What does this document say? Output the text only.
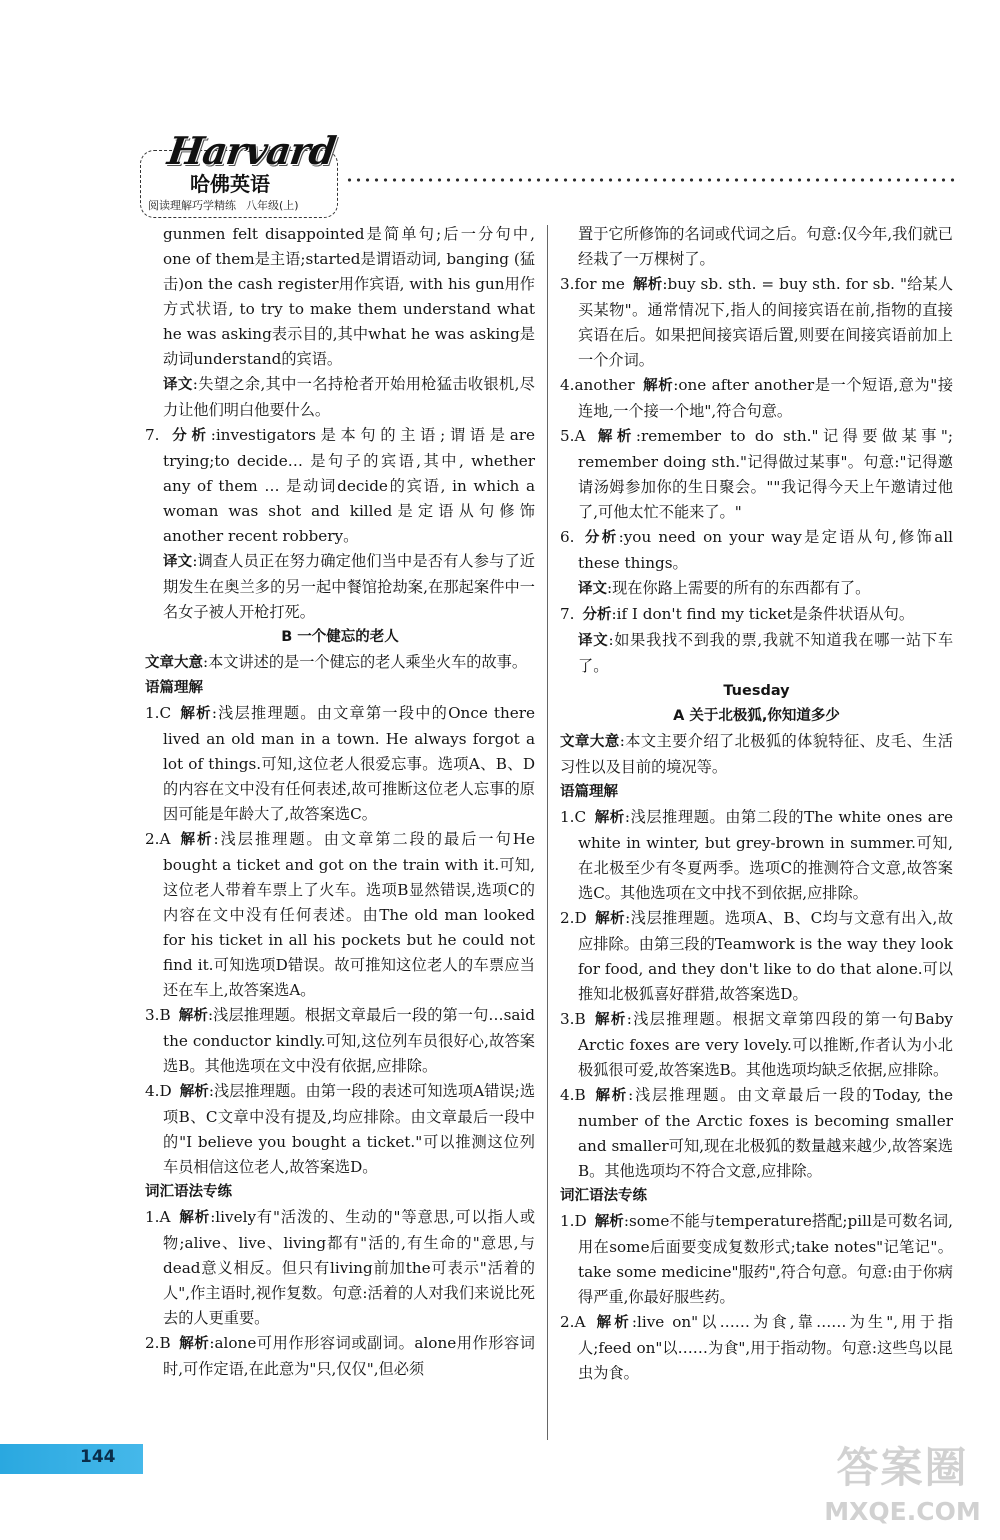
Harvard
哈佛英语
阅读理解巧学精练 八年级(上)

gunmen felt disappointed是简单句;后一分句中, one of them是主语;started是谓语动词, banging (猛击)on the cash register用作宾语, with his gun用作方式状语, to try to make them understand what he was asking表示目的,其中what he was asking是动词understand的宾语。

译文:失望之余,其中一名持枪者开始用枪猛击收银机,尽力让他们明白他要什么。

7. 分析:investigators是本句的主语;谓语是are trying;to decide… 是句子的宾语,其中, whether any of them … 是动词decide的宾语, in which a woman was shot and killed是定语从句修饰another recent robbery。

译文:调查人员正在努力确定他们当中是否有人参与了近期发生在奥兰多的另一起中餐馆抢劫案,在那起案件中一名女子被人开枪打死。

B 一个健忘的老人

文章大意:本文讲述的是一个健忘的老人乘坐火车的故事。

语篇理解

1.C 解析:浅层推理题。由文章第一段中的Once there lived an old man in a town. He always forgot a lot of things.可知,这位老人很爱忘事。选项A、B、D的内容在文中没有任何表述,故可推断这位老人忘事的原因可能是年龄大了,故答案选C。

2.A 解析:浅层推理题。由文章第二段的最后一句He bought a ticket and got on the train with it.可知,这位老人带着车票上了火车。选项B显然错误,选项C的内容在文中没有任何表述。由The old man looked for his ticket in all his pockets but he could not find it.可知选项D错误。故可推知这位老人的车票应当还在车上,故答案选A。

3.B 解析:浅层推理题。根据文章最后一段的第一句…said the conductor kindly.可知,这位列车员很好心,故答案选B。其他选项在文中没有依据,应排除。

4.D 解析:浅层推理题。由第一段的表述可知选项A错误;选项B、C文章中没有提及,均应排除。由文章最后一段中的"I believe you bought a ticket."可以推测这位列车员相信这位老人,故答案选D。

词汇语法专练

1.A 解析:lively有"活泼的、生动的"等意思,可以指人或物;alive、live、living都有"活的,有生命的"意思,与dead意义相反。但只有living前加the可表示"活着的人",作主语时,视作复数。句意:活着的人对我们来说比死去的人更重要。

2.B 解析:alone可用作形容词或副词。alone用作形容词时,可作定语,在此意为"只,仅仅",但必须

置于它所修饰的名词或代词之后。句意:仅今年,我们就已经栽了一万棵树了。

3.for me 解析:buy sb. sth. = buy sth. for sb. "给某人买某物"。通常情况下,指人的间接宾语在前,指物的直接宾语在后。如果把间接宾语后置,则要在间接宾语前加上一个介词。

4.another 解析:one after another是一个短语,意为"接连地,一个接一个地",符合句意。

5.A 解析:remember to do sth."记得要做某事"; remember doing sth."记得做过某事"。句意:"记得邀请汤姆参加你的生日聚会。""我记得今天上午邀请过他了,可他太忙不能来了。"

6. 分析:you need on your way是定语从句,修饰all these things。

译文:现在你路上需要的所有的东西都有了。

7. 分析:if I don't find my ticket是条件状语从句。

译文:如果我找不到我的票,我就不知道我在哪一站下车了。

Tuesday

A 关于北极狐,你知道多少

文章大意:本文主要介绍了北极狐的体貌特征、皮毛、生活习性以及目前的境况等。

语篇理解

1.C 解析:浅层推理题。由第二段的The white ones are white in winter, but grey-brown in summer.可知,在北极至少有冬夏两季。选项C的推测符合文意,故答案选C。其他选项在文中找不到依据,应排除。

2.D 解析:浅层推理题。选项A、B、C均与文意有出入,故应排除。由第三段的Teamwork is the way they look for food, and they don't like to do that alone.可以推知北极狐喜好群猎,故答案选D。

3.B 解析:浅层推理题。根据文章第四段的第一句Baby Arctic foxes are very lovely.可以推断,作者认为小北极狐很可爱,故答案选B。其他选项均缺乏依据,应排除。

4.B 解析:浅层推理题。由文章最后一段的Today, the number of the Arctic foxes is becoming smaller and smaller可知,现在北极狐的数量越来越少,故答案选B。其他选项均不符合文意,应排除。

词汇语法专练

1.D 解析:some不能与temperature搭配;pill是可数名词,用在some后面要变成复数形式;take notes"记笔记"。take some medicine"服药",符合句意。句意:由于你病得严重,你最好服些药。

2.A 解析:live on"以……为食,靠……为生",用于指人;feed on"以……为食",用于指动物。句意:这些鸟以昆虫为食。

144	答案圈
MXQE.COM
